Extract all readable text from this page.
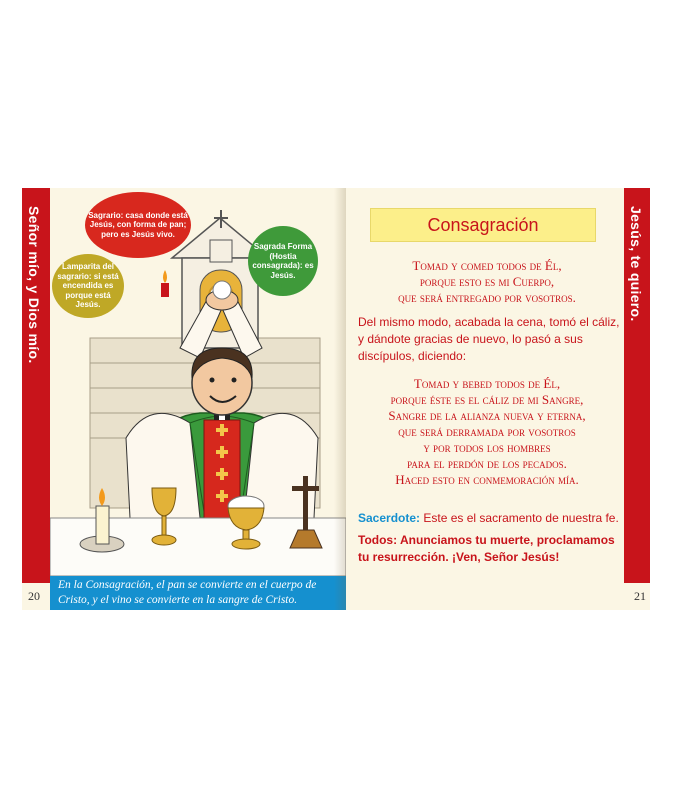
Señor mío, y Dios mío.
20
Sagrario: casa donde está Jesús, con forma de pan; pero es Jesús vivo.
Lamparita del sagrario: si está encendida es porque está Jesús.
Sagrada Forma (Hostia consagrada): es Jesús.
En la Consagración, el pan se convierte en el cuerpo de Cristo, y el vino se convierte en la sangre de Cristo.
Jesús, te quiero.
21
Consagración
Tomad y comed todos de Él,
porque esto es mi Cuerpo,
que será entregado por vosotros.
Del mismo modo, acabada la cena, tomó el cáliz, y dándote gracias de nuevo, lo pasó a sus discípulos, diciendo:
Tomad y bebed todos de Él,
porque éste es el cáliz de mi Sangre,
Sangre de la alianza nueva y eterna,
que será derramada por vosotros
y por todos los hombres
para el perdón de los pecados.
Haced esto en conmemoración mía.
Sacerdote: Este es el sacramento de nuestra fe.
Todos: Anunciamos tu muerte, proclamamos tu resurrección. ¡Ven, Señor Jesús!
